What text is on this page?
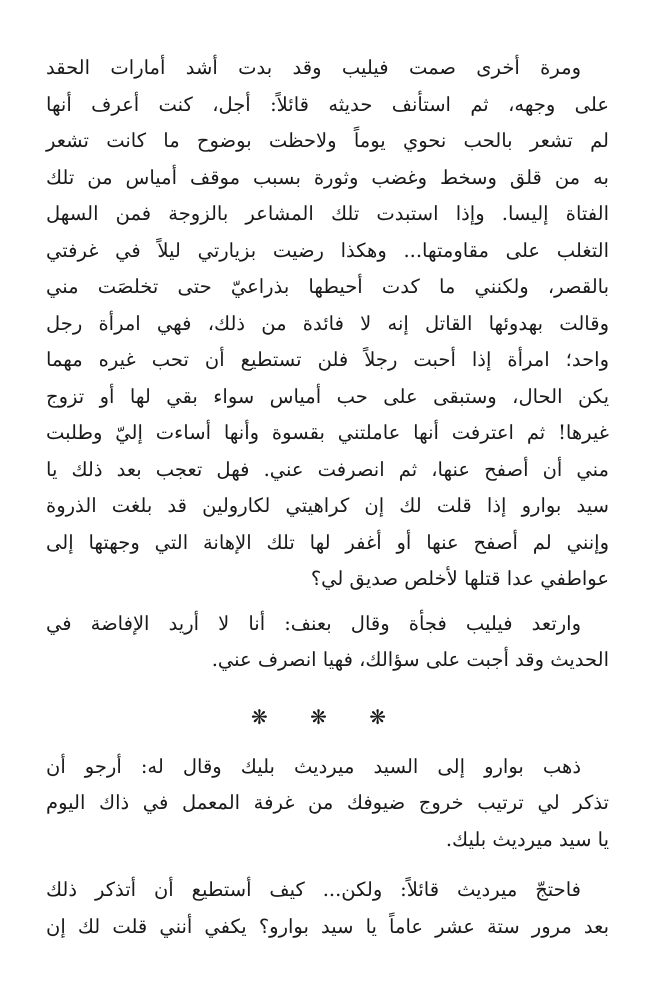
ومرة أخرى صمت فيليب وقد بدت أشد أمارات الحقد
على وجهه، ثم استأنف حديثه قائلاً: أجل، كنت أعرف أنها
لم تشعر بالحب نحوي يوماً ولاحظت بوضوح ما كانت تشعر
به من قلق وسخط وغضب وثورة بسبب موقف أمياس من تلك
الفتاة إليسا. وإذا استبدت تلك المشاعر بالزوجة فمن السهل
التغلب على مقاومتها... وهكذا رضيت بزيارتي ليلاً في غرفتي
بالقصر، ولكنني ما كدت أحيطها بذراعيّ حتى تخلصَت مني
وقالت بهدوئها القاتل إنه لا فائدة من ذلك، فهي امرأة رجل
واحد؛ امرأة إذا أحبت رجلاً فلن تستطيع أن تحب غيره مهما
يكن الحال، وستبقى على حب أمياس سواء بقي لها أو تزوج
غيرها! ثم اعترفت أنها عاملتني بقسوة وأنها أساءت إليّ وطلبت
مني أن أصفح عنها، ثم انصرفت عني. فهل تعجب بعد ذلك يا
سيد بوارو إذا قلت لك إن كراهيتي لكارولين قد بلغت الذروة
وإنني لم أصفح عنها أو أغفر لها تلك الإهانة التي وجهتها إلى
عواطفي عدا قتلها لأخلص صديق لي؟
وارتعد فيليب فجأة وقال بعنف: أنا لا أريد الإفاضة في
الحديث وقد أجبت على سؤالك، فهيا انصرف عني.
❋ ❋ ❋
ذهب بوارو إلى السيد ميرديث بليك وقال له: أرجو أن
تذكر لي ترتيب خروج ضيوفك من غرفة المعمل في ذاك اليوم
يا سيد ميرديث بليك.
فاحتجّ ميرديث قائلاً: ولكن... كيف أستطيع أن أتذكر ذلك
بعد مرور ستة عشر عاماً يا سيد بوارو؟ يكفي أنني قلت لك إن
